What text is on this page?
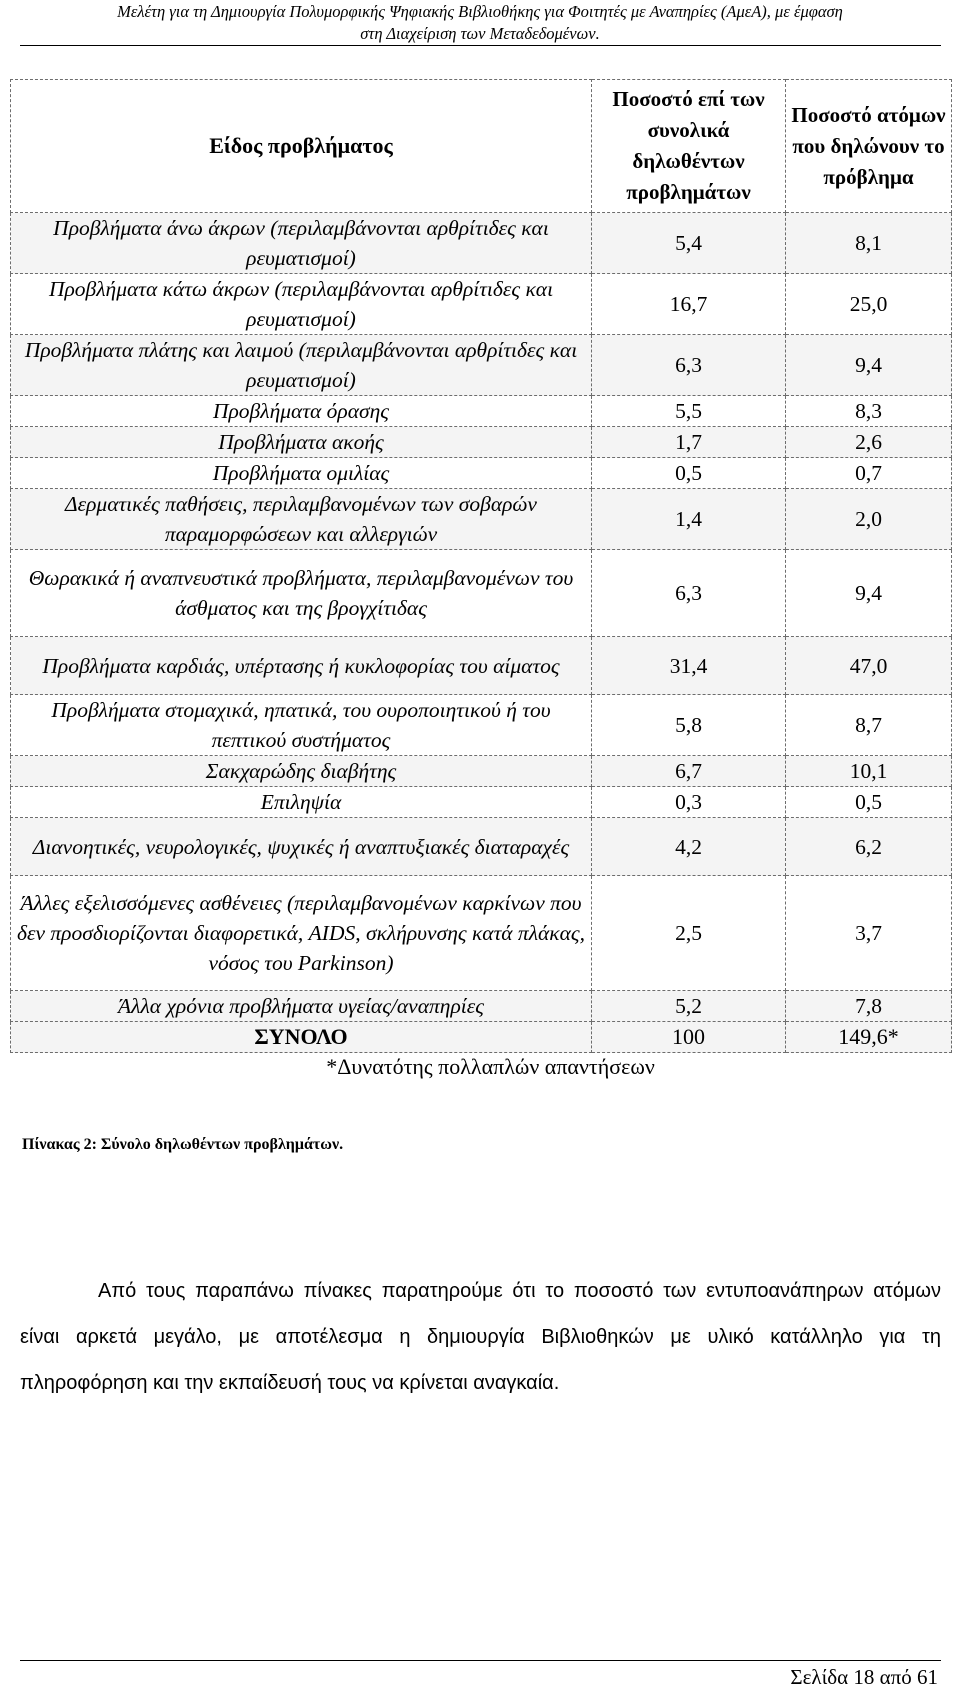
Μελέτη για τη Δημιουργία Πολυμορφικής Ψηφιακής Βιβλιοθήκης για Φοιτητές με Αναπηρίες (ΑμεΑ), με έμφαση
στη Διαχείριση των Μεταδεδομένων.
Είδος προβλήματος	Ποσοστό επί των συνολικά δηλωθέντων προβλημάτων	Ποσοστό ατόμων που δηλώνουν το πρόβλημα
Προβλήματα άνω άκρων (περιλαμβάνονται αρθρίτιδες και ρευματισμοί)	5,4	8,1
Προβλήματα κάτω άκρων (περιλαμβάνονται αρθρίτιδες και ρευματισμοί)	16,7	25,0
Προβλήματα πλάτης και λαιμού (περιλαμβάνονται αρθρίτιδες και ρευματισμοί)	6,3	9,4
Προβλήματα όρασης	5,5	8,3
Προβλήματα ακοής	1,7	2,6
Προβλήματα ομιλίας	0,5	0,7
Δερματικές παθήσεις, περιλαμβανομένων των σοβαρών παραμορφώσεων και αλλεργιών	1,4	2,0
Θωρακικά ή αναπνευστικά προβλήματα, περιλαμβανομένων του άσθματος και της βρογχίτιδας	6,3	9,4
Προβλήματα καρδιάς, υπέρτασης ή κυκλοφορίας του αίματος	31,4	47,0
Προβλήματα στομαχικά, ηπατικά, του ουροποιητικού ή του πεπτικού συστήματος	5,8	8,7
Σακχαρώδης διαβήτης	6,7	10,1
Επιληψία	0,3	0,5
Διανοητικές, νευρολογικές, ψυχικές ή αναπτυξιακές διαταραχές	4,2	6,2
Άλλες εξελισσόμενες ασθένειες (περιλαμβανομένων καρκίνων που δεν προσδιορίζονται διαφορετικά, AIDS, σκλήρυνσης κατά πλάκας, νόσος του Parkinson)	2,5	3,7
Άλλα χρόνια προβλήματα υγείας/αναπηρίες	5,2	7,8
ΣΥΝΟΛΟ	100	149,6*
*Δυνατότης πολλαπλών απαντήσεων
Πίνακας 2: Σύνολο δηλωθέντων προβλημάτων.

Από τους παραπάνω πίνακες παρατηρούμε ότι το ποσοστό των εντυποανάπηρων ατόμων είναι αρκετά μεγάλο, με αποτέλεσμα η δημιουργία Βιβλιοθηκών με υλικό κατάλληλο για τη πληροφόρηση και την εκπαίδευσή τους να κρίνεται αναγκαία.

Σελίδα 18 από 61
